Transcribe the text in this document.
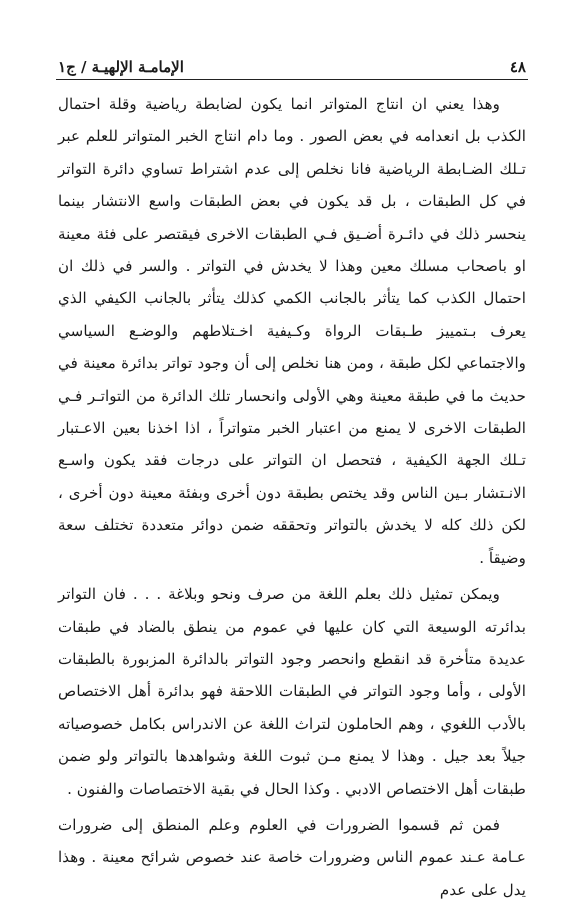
٤٨
الإمامـة الإلهيـة / ج١

وهذا يعني ان انتاج المتواتر انما يكون لضابطة رياضية وقلة احتمال الكذب بل انعدامه في بعض الصور . وما دام انتاج الخبر المتواتر للعلم عبر تـلك الضـابطة الرياضية فانا نخلص إلى عدم اشتراط تساوي دائرة التواتر في كل الطبقات ، بل قد يكون في بعض الطبقات واسع الانتشار بينما ينحسر ذلك في دائـرة أضـيق فـي الطبقات الاخرى فيقتصر على فئة معينة او باصحاب مسلك معين وهذا لا يخدش في التواتر . والسر في ذلك ان احتمال الكذب كما يتأثر بالجانب الكمي كذلك يتأثر بالجانب الكيفي الذي يعرف بـتمييز طـبقات الرواة وكـيفية اخـتلاطهم والوضـع السياسي والاجتماعي لكل طبقة ، ومن هنا نخلص إلى أن وجود تواتر بدائرة معينة في حديث ما في طبقة معينة وهي الأولى وانحسار تلك الدائرة من التواتـر فـي الطبقات الاخرى لا يمنع من اعتبار الخبر متواتراً ، اذا اخذنا بعين الاعـتبار تـلك الجهة الكيفية ، فتحصل ان التواتر على درجات فقد يكون واسـع الانـتشار بـين الناس وقد يختص بطبقة دون أخرى وبفئة معينة دون أخرى ، لكن ذلك كله لا يخدش بالتواتر وتحققه ضمن دوائر متعددة تختلف سعة وضيقاً .

ويمكن تمثيل ذلك بعلم اللغة من صرف ونحو وبلاغة . . . فان التواتر بدائرته الوسيعة التي كان عليها في عموم من ينطق بالضاد في طبقات عديدة متأخرة قد انقطع وانحصر وجود التواتر بالدائرة المزبورة بالطبقات الأولى ، وأما وجود التواتر في الطبقات اللاحقة فهو بدائرة أهل الاختصاص بالأدب اللغوي ، وهم الحاملون لتراث اللغة عن الاندراس بكامل خصوصياته جيلاً بعد جيل . وهذا لا يمنع مـن ثبوت اللغة وشواهدها بالتواتر ولو ضمن طبقات أهل الاختصاص الادبي . وكذا الحال في بقية الاختصاصات والفنون .

فمن ثم قسموا الضرورات في العلوم وعلم المنطق إلى ضرورات عـامة عـند عموم الناس وضرورات خاصة عند خصوص شرائح معينة . وهذا يدل على عدم
